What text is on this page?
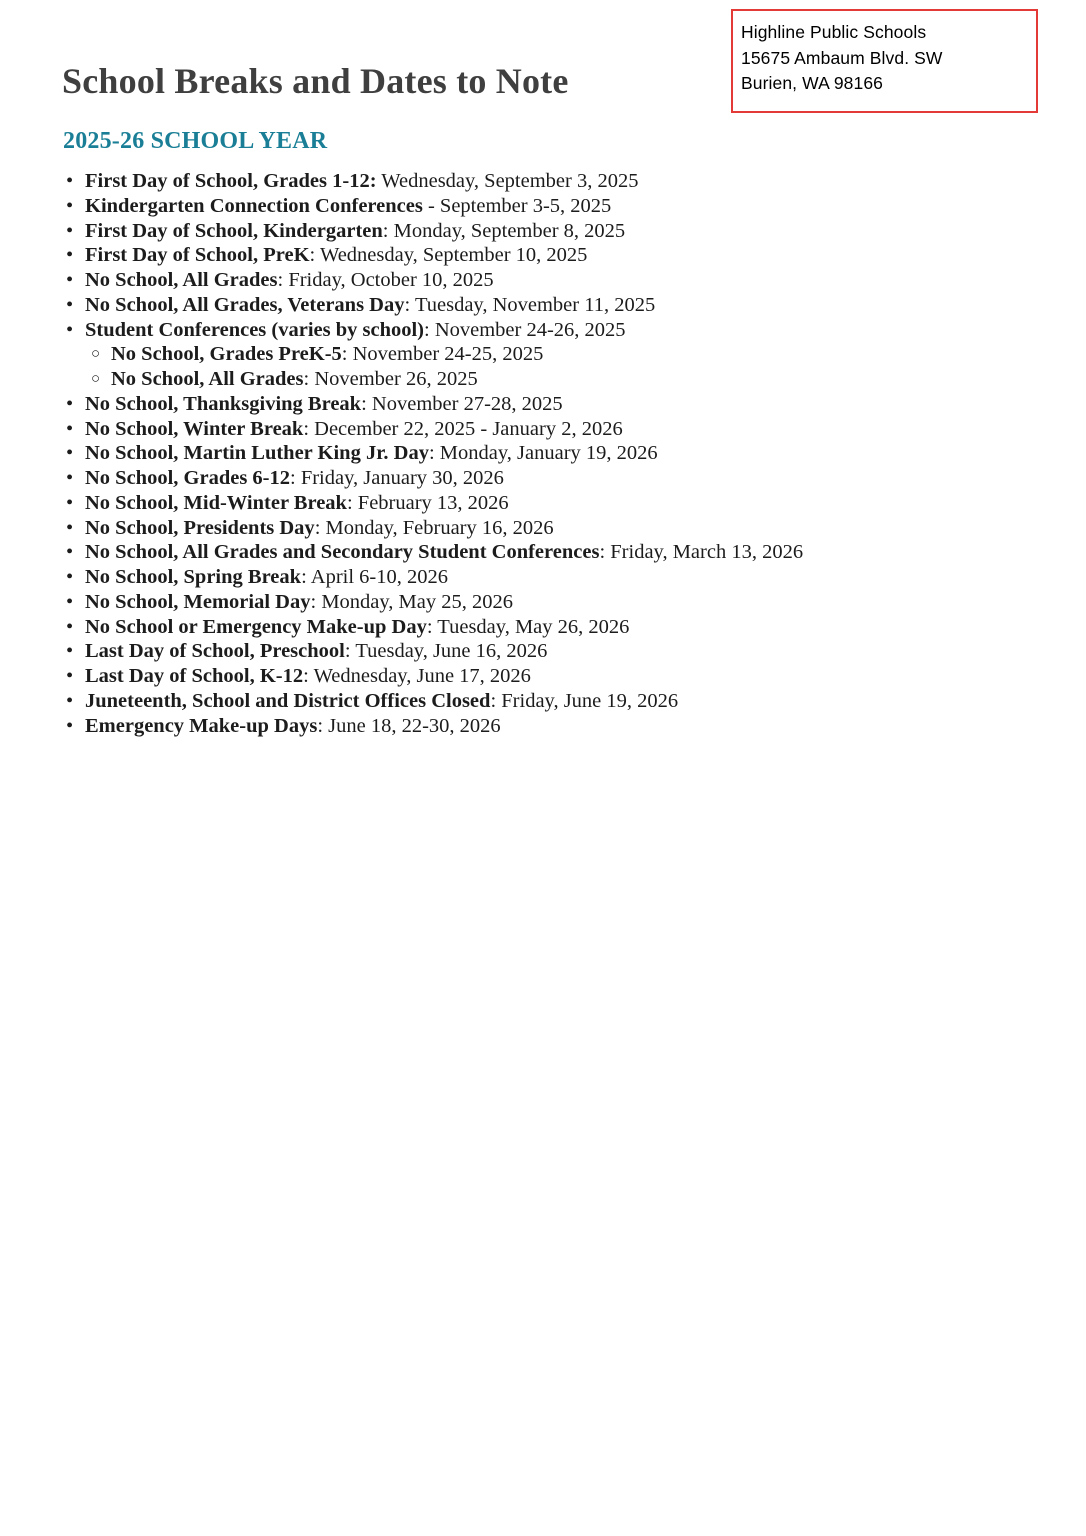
School Breaks and Dates to Note
2025-26 SCHOOL YEAR
• First Day of School, Grades 1-12: Wednesday, September 3, 2025
• Kindergarten Connection Conferences - September 3-5, 2025
• First Day of School, Kindergarten: Monday, September 8, 2025
• First Day of School, PreK: Wednesday, September 10, 2025
• No School, All Grades: Friday, October 10, 2025
• No School, All Grades, Veterans Day: Tuesday, November 11, 2025
• Student Conferences (varies by school): November 24-26, 2025
○ No School, Grades PreK-5: November 24-25, 2025
○ No School, All Grades: November 26, 2025
• No School, Thanksgiving Break: November 27-28, 2025
• No School, Winter Break: December 22, 2025 - January 2, 2026
• No School, Martin Luther King Jr. Day: Monday, January 19, 2026
• No School, Grades 6-12: Friday, January 30, 2026
• No School, Mid-Winter Break: February 13, 2026
• No School, Presidents Day: Monday, February 16, 2026
• No School, All Grades and Secondary Student Conferences: Friday, March 13, 2026
• No School, Spring Break: April 6-10, 2026
• No School, Memorial Day: Monday, May 25, 2026
• No School or Emergency Make-up Day: Tuesday, May 26, 2026
• Last Day of School, Preschool: Tuesday, June 16, 2026
• Last Day of School, K-12: Wednesday, June 17, 2026
• Juneteenth, School and District Offices Closed: Friday, June 19, 2026
• Emergency Make-up Days: June 18, 22-30, 2026
Highline Public Schools
15675 Ambaum Blvd. SW
Burien, WA 98166
